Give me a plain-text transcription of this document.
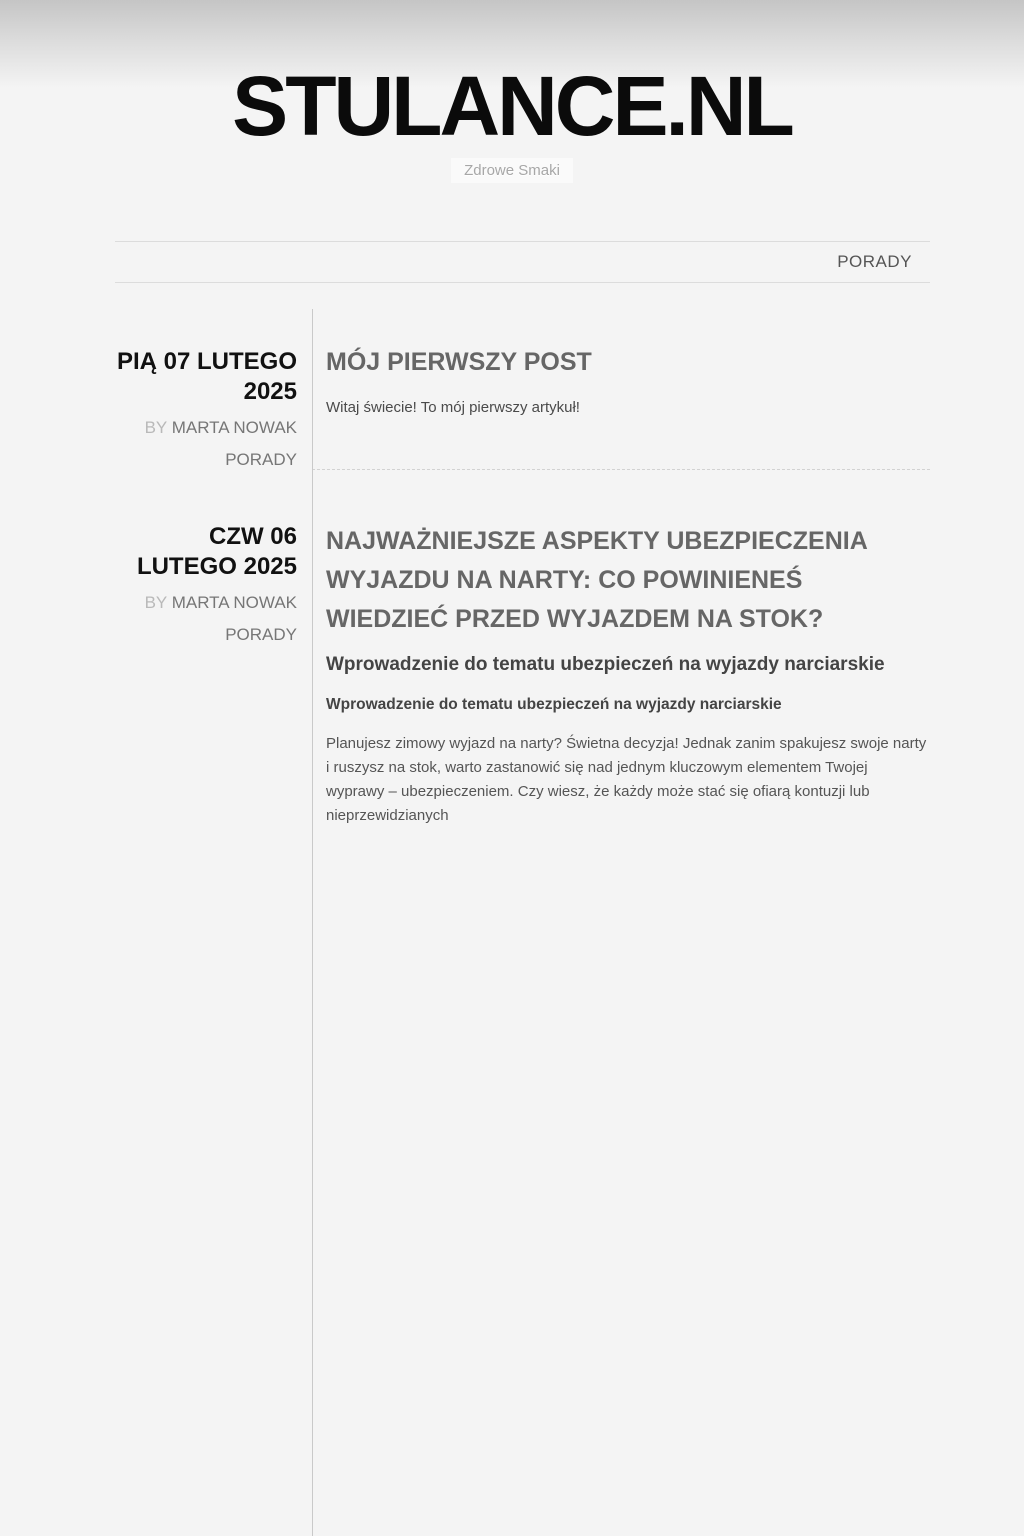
STULANCE.NL
Zdrowe Smaki
PORADY
PIĄ 07 LUTEGO 2025
BY MARTA NOWAK
PORADY
MÓJ PIERWSZY POST

Witaj świecie! To mój pierwszy artykuł!

CZW 06 LUTEGO 2025
BY MARTA NOWAK
PORADY
NAJWAŻNIEJSZE ASPEKTY UBEZPIECZENIA WYJAZDU NA NARTY: CO POWINIENEŚ WIEDZIEĆ PRZED WYJAZDEM NA STOK?
Wprowadzenie do tematu ubezpieczeń na wyjazdy narciarskie
Wprowadzenie do tematu ubezpieczeń na wyjazdy narciarskie

Planujesz zimowy wyjazd na narty? Świetna decyzja! Jednak zanim spakujesz swoje narty i ruszysz na stok, warto zastanowić się nad jednym kluczowym elementem Twojej wyprawy – ubezpieczeniem. Czy wiesz, że każdy może stać się ofiarą kontuzji lub nieprzewidzianych
